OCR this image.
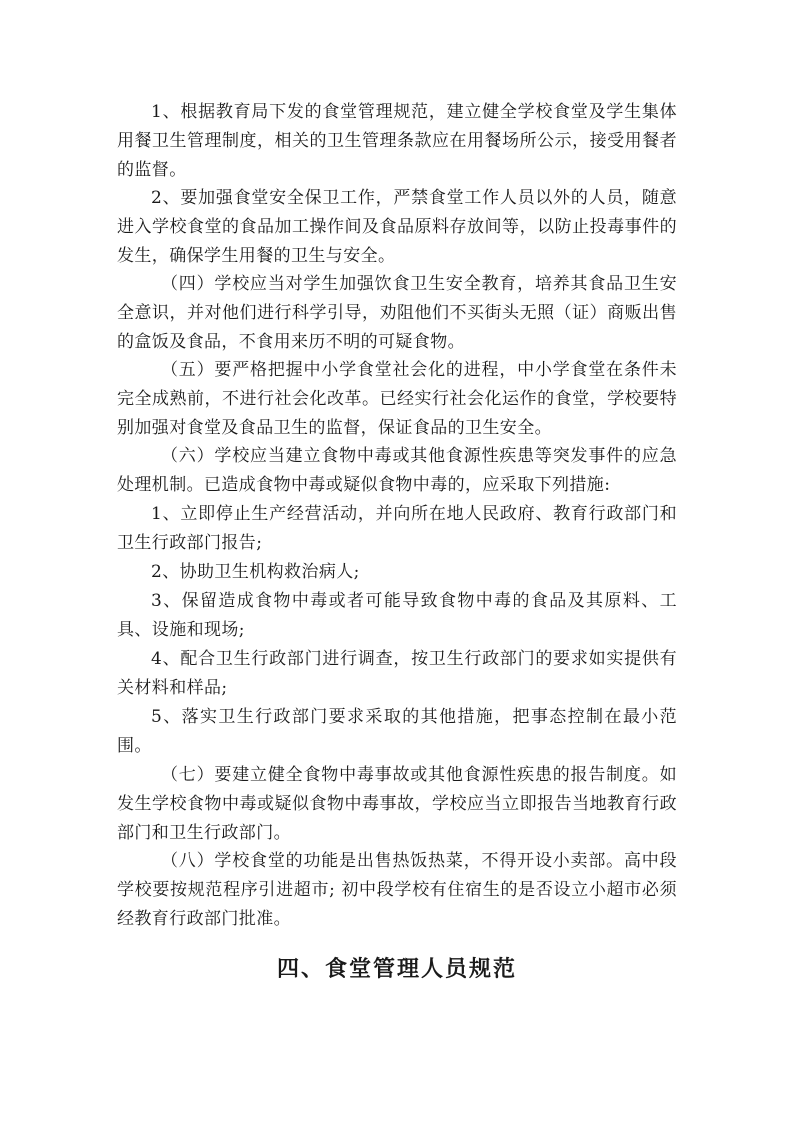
1、根据教育局下发的食堂管理规范，建立健全学校食堂及学生集体用餐卫生管理制度，相关的卫生管理条款应在用餐场所公示，接受用餐者的监督。

2、要加强食堂安全保卫工作，严禁食堂工作人员以外的人员，随意进入学校食堂的食品加工操作间及食品原料存放间等，以防止投毒事件的发生，确保学生用餐的卫生与安全。

（四）学校应当对学生加强饮食卫生安全教育，培养其食品卫生安全意识，并对他们进行科学引导，劝阻他们不买街头无照（证）商贩出售的盒饭及食品，不食用来历不明的可疑食物。

（五）要严格把握中小学食堂社会化的进程，中小学食堂在条件未完全成熟前，不进行社会化改革。已经实行社会化运作的食堂，学校要特别加强对食堂及食品卫生的监督，保证食品的卫生安全。

（六）学校应当建立食物中毒或其他食源性疾患等突发事件的应急处理机制。已造成食物中毒或疑似食物中毒的，应采取下列措施:

1、立即停止生产经营活动，并向所在地人民政府、教育行政部门和卫生行政部门报告;

2、协助卫生机构救治病人;

3、保留造成食物中毒或者可能导致食物中毒的食品及其原料、工具、设施和现场;

4、配合卫生行政部门进行调查，按卫生行政部门的要求如实提供有关材料和样品;

5、落实卫生行政部门要求采取的其他措施，把事态控制在最小范围。

（七）要建立健全食物中毒事故或其他食源性疾患的报告制度。如发生学校食物中毒或疑似食物中毒事故，学校应当立即报告当地教育行政部门和卫生行政部门。

（八）学校食堂的功能是出售热饭热菜，不得开设小卖部。高中段学校要按规范程序引进超市; 初中段学校有住宿生的是否设立小超市必须经教育行政部门批准。

四、食堂管理人员规范
